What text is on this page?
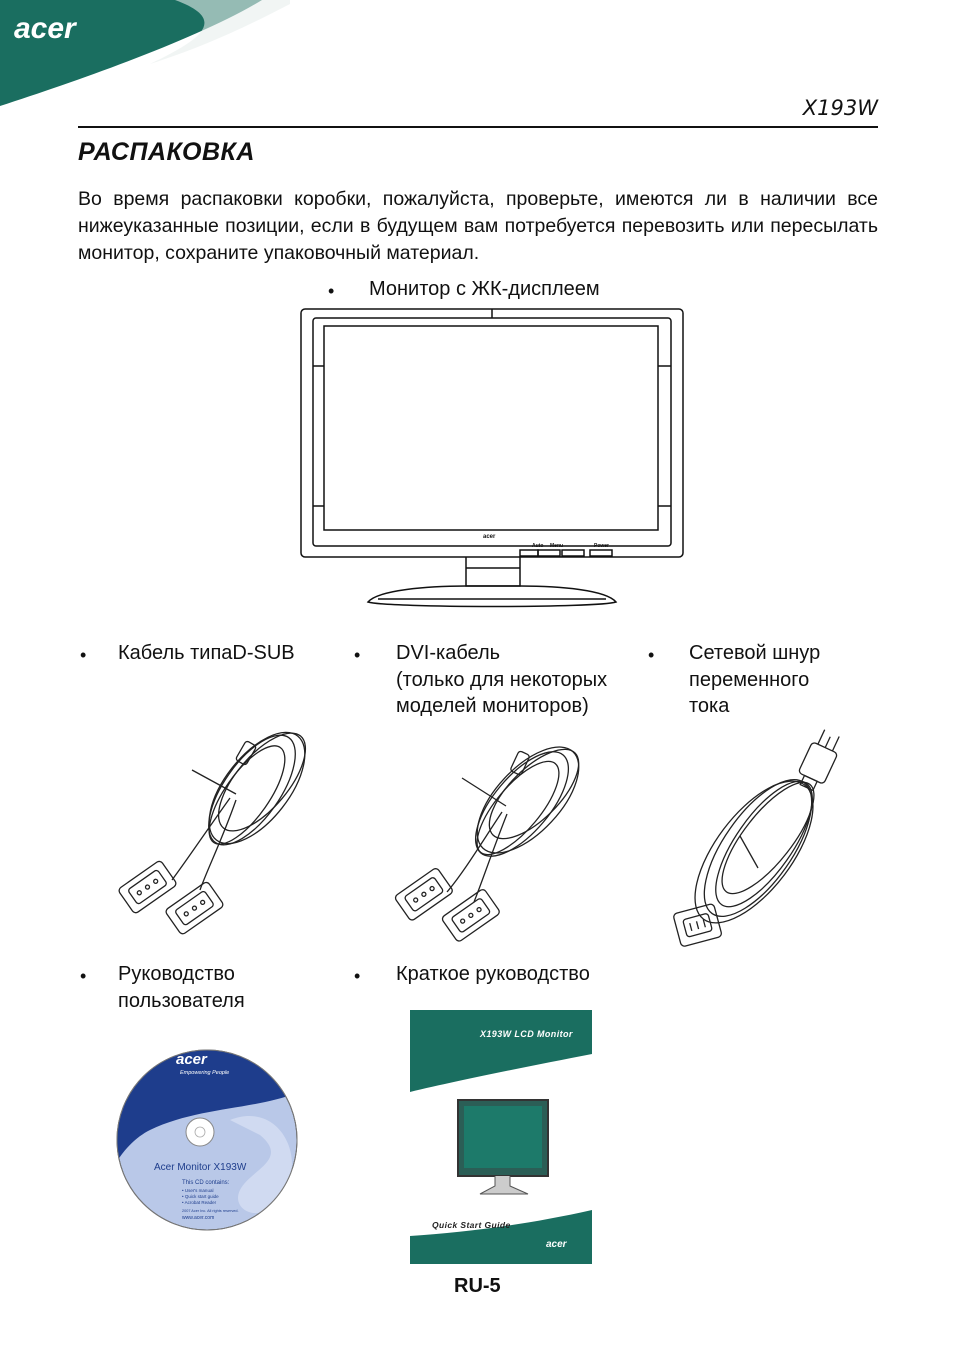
acer
X193W
РАСПАКОВКА
Во время распаковки коробки, пожалуйста, проверьте, имеются ли в наличии все нижеуказанные позиции, если в будущем вам потребуется перевозить или пересылать монитор, сохраните упаковочный материал.
• Монитор с ЖК-дисплеем
acer
Auto Menu	Power
• Кабель типаD-SUB	• DVI-кабель
(только для некоторых
моделей мониторов)
• Сетевой шнур
переменного
тока
• Руководство
пользователя
• Краткое руководство
acer
Empowering People
Acer Monitor X193W
This CD contains:
• User's manual
• Quick start guide
• Acrobat Reader
2007 Acer Inc. All rights reserved.
www.acer.com
X193W LCD Monitor
Quick Start Guide
acer
RU-5
